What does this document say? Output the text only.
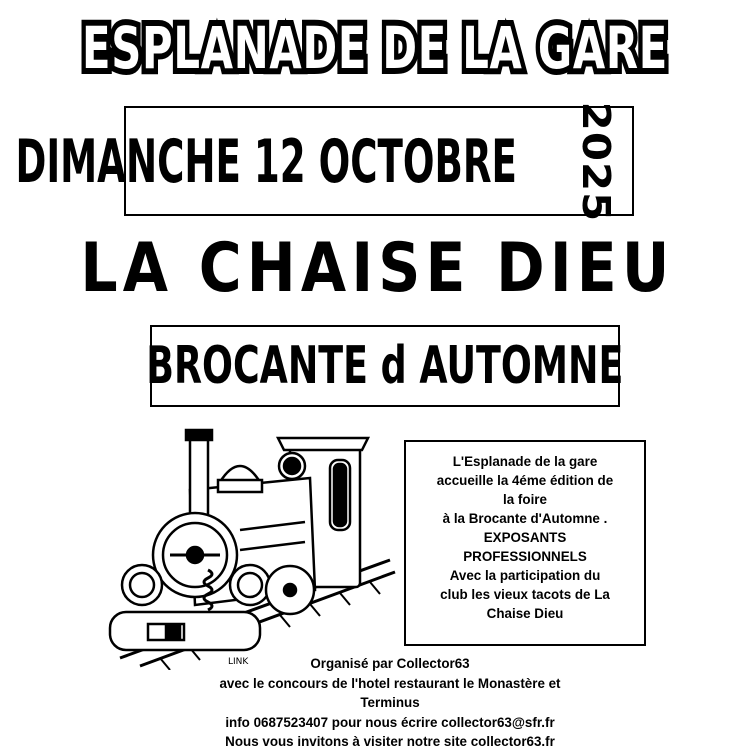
ESPLANADE DE LA GARE
DIMANCHE 12 OCTOBRE 2025
LA CHAISE DIEU
BROCANTE d AUTOMNE
LINK
L'Esplanade de la gare
accueille la 4éme édition de
la foire
à la Brocante d'Automne .
EXPOSANTS
PROFESSIONNELS
Avec la participation du
club les vieux tacots de La
Chaise Dieu
Organisé par Collector63
avec le concours de l'hotel restaurant le Monastère et
Terminus
info 0687523407 pour nous écrire collector63@sfr.fr
Nous vous invitons à visiter notre site collector63.fr
